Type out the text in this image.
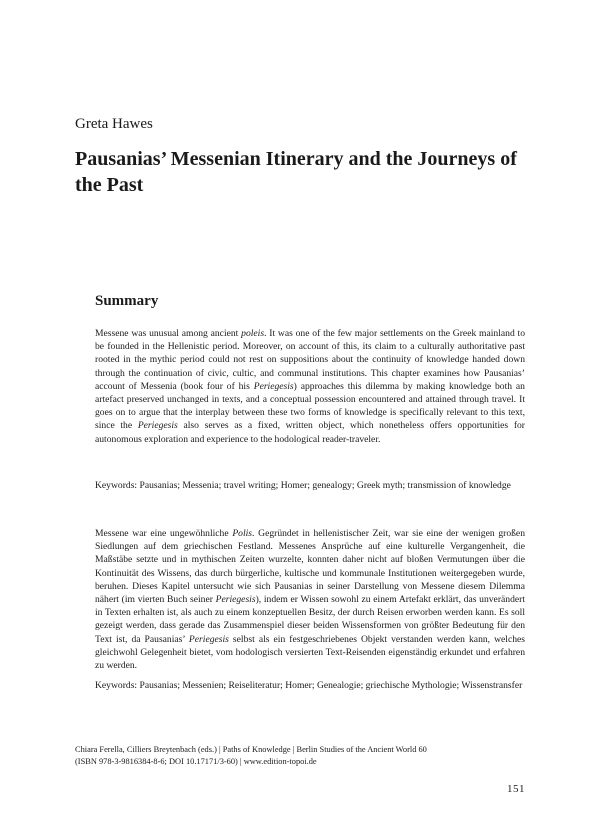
Greta Hawes
Pausanias’ Messenian Itinerary and the Journeys of the Past
Summary

Messene was unusual among ancient poleis. It was one of the few major settlements on the Greek mainland to be founded in the Hellenistic period. Moreover, on account of this, its claim to a culturally authoritative past rooted in the mythic period could not rest on suppositions about the continuity of knowledge handed down through the continuation of civic, cultic, and communal institutions. This chapter examines how Pausanias’ account of Messenia (book four of his Periegesis) approaches this dilemma by making knowledge both an artefact preserved unchanged in texts, and a conceptual possession encountered and attained through travel. It goes on to argue that the interplay between these two forms of knowledge is specifically relevant to this text, since the Periegesis also serves as a fixed, written object, which nonetheless offers opportunities for autonomous exploration and experience to the hodological reader-traveler.

Keywords: Pausanias; Messenia; travel writing; Homer; genealogy; Greek myth; transmission of knowledge

Messene war eine ungewöhnliche Polis. Gegründet in hellenistischer Zeit, war sie eine der wenigen großen Siedlungen auf dem griechischen Festland. Messenes Ansprüche auf eine kulturelle Vergangenheit, die Maßstäbe setzte und in mythischen Zeiten wurzelte, konnten daher nicht auf bloßen Vermutungen über die Kontinuität des Wissens, das durch bürgerliche, kultische und kommunale Institutionen weitergegeben wurde, beruhen. Dieses Kapitel untersucht wie sich Pausanias in seiner Darstellung von Messene diesem Dilemma nähert (im vierten Buch seiner Periegesis), indem er Wissen sowohl zu einem Artefakt erklärt, das unverändert in Texten erhalten ist, als auch zu einem konzeptuellen Besitz, der durch Reisen erworben werden kann. Es soll gezeigt werden, dass gerade das Zusammenspiel dieser beiden Wissensformen von größter Bedeutung für den Text ist, da Pausanias’ Periegesis selbst als ein festgeschriebenes Objekt verstanden werden kann, welches gleichwohl Gelegenheit bietet, vom hodologisch versierten Text-Reisenden eigenständig erkundet und erfahren zu werden.

Keywords: Pausanias; Messenien; Reiseliteratur; Homer; Genealogie; griechische Mythologie; Wissenstransfer

Chiara Ferella, Cilliers Breytenbach (eds.) | Paths of Knowledge | Berlin Studies of the Ancient World 60
(ISBN 978-3-9816384-8-6; DOI 10.17171/3-60) | www.edition-topoi.de
151
